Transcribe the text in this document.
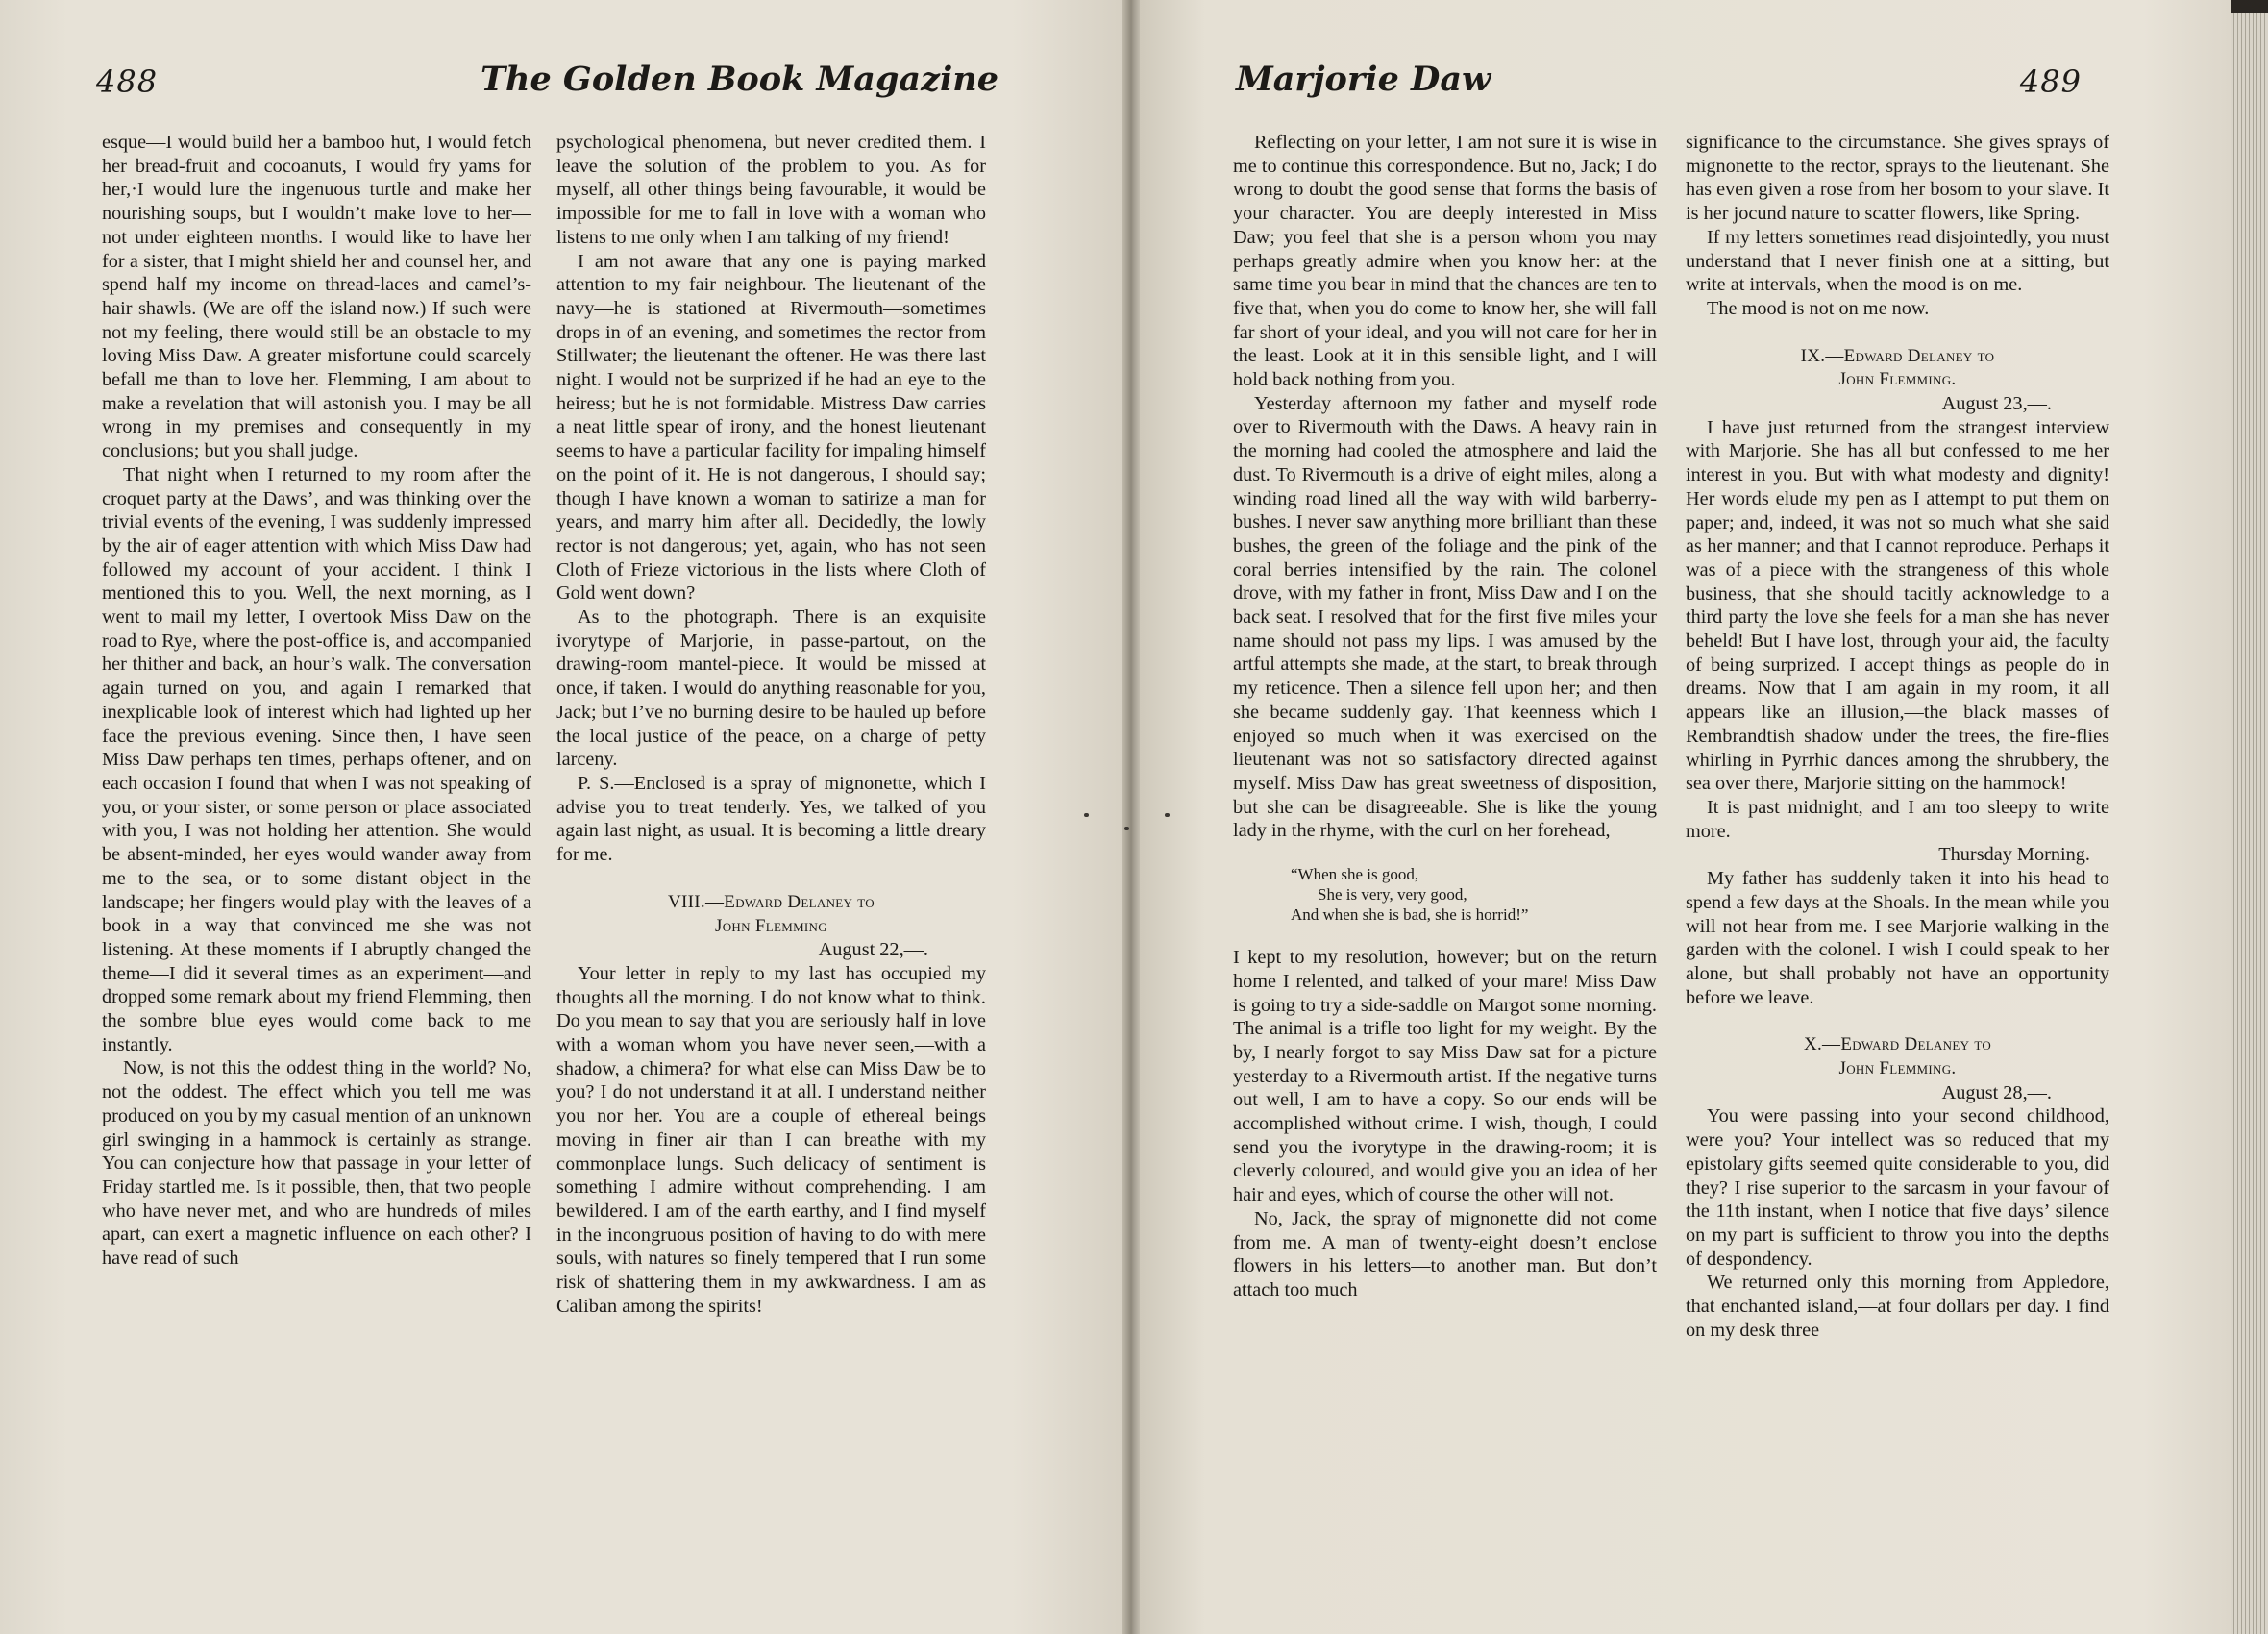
488	The Golden Book Magazine

esque—I would build her a bamboo hut, I would fetch her bread-fruit and cocoanuts, I would fry yams for her,·I would lure the ingenuous turtle and make her nourishing soups, but I wouldn’t make love to her—not under eighteen months. I would like to have her for a sister, that I might shield her and counsel her, and spend half my income on thread-laces and camel’s-hair shawls. (We are off the island now.) If such were not my feeling, there would still be an obstacle to my loving Miss Daw. A greater misfortune could scarcely befall me than to love her. Flemming, I am about to make a revelation that will astonish you. I may be all wrong in my premises and consequently in my conclusions; but you shall judge.

That night when I returned to my room after the croquet party at the Daws’, and was thinking over the trivial events of the evening, I was suddenly impressed by the air of eager attention with which Miss Daw had followed my account of your accident. I think I mentioned this to you. Well, the next morning, as I went to mail my letter, I overtook Miss Daw on the road to Rye, where the post-office is, and accompanied her thither and back, an hour’s walk. The conversation again turned on you, and again I remarked that inexplicable look of interest which had lighted up her face the previous evening. Since then, I have seen Miss Daw perhaps ten times, perhaps oftener, and on each occasion I found that when I was not speaking of you, or your sister, or some person or place associated with you, I was not holding her attention. She would be absent-minded, her eyes would wander away from me to the sea, or to some distant object in the landscape; her fingers would play with the leaves of a book in a way that convinced me she was not listening. At these moments if I abruptly changed the theme—I did it several times as an experiment—and dropped some remark about my friend Flemming, then the sombre blue eyes would come back to me instantly.

Now, is not this the oddest thing in the world? No, not the oddest. The effect which you tell me was produced on you by my casual mention of an unknown girl swinging in a hammock is certainly as strange. You can conjecture how that passage in your letter of Friday startled me. Is it possible, then, that two people who have never met, and who are hundreds of miles apart, can exert a magnetic influence on each other? I have read of such

psychological phenomena, but never credited them. I leave the solution of the problem to you. As for myself, all other things being favourable, it would be impossible for me to fall in love with a woman who listens to me only when I am talking of my friend!

I am not aware that any one is paying marked attention to my fair neighbour. The lieutenant of the navy—he is stationed at Rivermouth—sometimes drops in of an evening, and sometimes the rector from Stillwater; the lieutenant the oftener. He was there last night. I would not be surprized if he had an eye to the heiress; but he is not formidable. Mistress Daw carries a neat little spear of irony, and the honest lieutenant seems to have a particular facility for impaling himself on the point of it. He is not dangerous, I should say; though I have known a woman to satirize a man for years, and marry him after all. Decidedly, the lowly rector is not dangerous; yet, again, who has not seen Cloth of Frieze victorious in the lists where Cloth of Gold went down?

As to the photograph. There is an exquisite ivorytype of Marjorie, in passe-partout, on the drawing-room mantel-piece. It would be missed at once, if taken. I would do anything reasonable for you, Jack; but I’ve no burning desire to be hauled up before the local justice of the peace, on a charge of petty larceny.

P. S.—Enclosed is a spray of mignonette, which I advise you to treat tenderly. Yes, we talked of you again last night, as usual. It is becoming a little dreary for me.

VIII.—Edward Delaney to
John Flemming
August 22,—.

Your letter in reply to my last has occupied my thoughts all the morning. I do not know what to think. Do you mean to say that you are seriously half in love with a woman whom you have never seen,—with a shadow, a chimera? for what else can Miss Daw be to you? I do not understand it at all. I understand neither you nor her. You are a couple of ethereal beings moving in finer air than I can breathe with my commonplace lungs. Such delicacy of sentiment is something I admire without comprehending. I am bewildered. I am of the earth earthy, and I find myself in the incongruous position of having to do with mere souls, with natures so finely tempered that I run some risk of shattering them in my awkwardness. I am as Caliban among the spirits!

Marjorie Daw	489

Reflecting on your letter, I am not sure it is wise in me to continue this correspondence. But no, Jack; I do wrong to doubt the good sense that forms the basis of your character. You are deeply interested in Miss Daw; you feel that she is a person whom you may perhaps greatly admire when you know her: at the same time you bear in mind that the chances are ten to five that, when you do come to know her, she will fall far short of your ideal, and you will not care for her in the least. Look at it in this sensible light, and I will hold back nothing from you.

Yesterday afternoon my father and myself rode over to Rivermouth with the Daws. A heavy rain in the morning had cooled the atmosphere and laid the dust. To Rivermouth is a drive of eight miles, along a winding road lined all the way with wild barberry-bushes. I never saw anything more brilliant than these bushes, the green of the foliage and the pink of the coral berries intensified by the rain. The colonel drove, with my father in front, Miss Daw and I on the back seat. I resolved that for the first five miles your name should not pass my lips. I was amused by the artful attempts she made, at the start, to break through my reticence. Then a silence fell upon her; and then she became suddenly gay. That keenness which I enjoyed so much when it was exercised on the lieutenant was not so satisfactory directed against myself. Miss Daw has great sweetness of disposition, but she can be disagreeable. She is like the young lady in the rhyme, with the curl on her forehead,

“When she is good,
She is very, very good,
And when she is bad, she is horrid!”

I kept to my resolution, however; but on the return home I relented, and talked of your mare! Miss Daw is going to try a side-saddle on Margot some morning. The animal is a trifle too light for my weight. By the by, I nearly forgot to say Miss Daw sat for a picture yesterday to a Rivermouth artist. If the negative turns out well, I am to have a copy. So our ends will be accomplished without crime. I wish, though, I could send you the ivorytype in the drawing-room; it is cleverly coloured, and would give you an idea of her hair and eyes, which of course the other will not.

No, Jack, the spray of mignonette did not come from me. A man of twenty-eight doesn’t enclose flowers in his letters—to another man. But don’t attach too much

significance to the circumstance. She gives sprays of mignonette to the rector, sprays to the lieutenant. She has even given a rose from her bosom to your slave. It is her jocund nature to scatter flowers, like Spring.

If my letters sometimes read disjointedly, you must understand that I never finish one at a sitting, but write at intervals, when the mood is on me.

The mood is not on me now.

IX.—Edward Delaney to
John Flemming.
August 23,—.

I have just returned from the strangest interview with Marjorie. She has all but confessed to me her interest in you. But with what modesty and dignity! Her words elude my pen as I attempt to put them on paper; and, indeed, it was not so much what she said as her manner; and that I cannot reproduce. Perhaps it was of a piece with the strangeness of this whole business, that she should tacitly acknowledge to a third party the love she feels for a man she has never beheld! But I have lost, through your aid, the faculty of being surprized. I accept things as people do in dreams. Now that I am again in my room, it all appears like an illusion,—the black masses of Rembrandtish shadow under the trees, the fire-flies whirling in Pyrrhic dances among the shrubbery, the sea over there, Marjorie sitting on the hammock!

It is past midnight, and I am too sleepy to write more.

Thursday Morning.

My father has suddenly taken it into his head to spend a few days at the Shoals. In the mean while you will not hear from me. I see Marjorie walking in the garden with the colonel. I wish I could speak to her alone, but shall probably not have an opportunity before we leave.

X.—Edward Delaney to
John Flemming.
August 28,—.

You were passing into your second childhood, were you? Your intellect was so reduced that my epistolary gifts seemed quite considerable to you, did they? I rise superior to the sarcasm in your favour of the 11th instant, when I notice that five days’ silence on my part is sufficient to throw you into the depths of despondency.

We returned only this morning from Appledore, that enchanted island,—at four dollars per day. I find on my desk three
